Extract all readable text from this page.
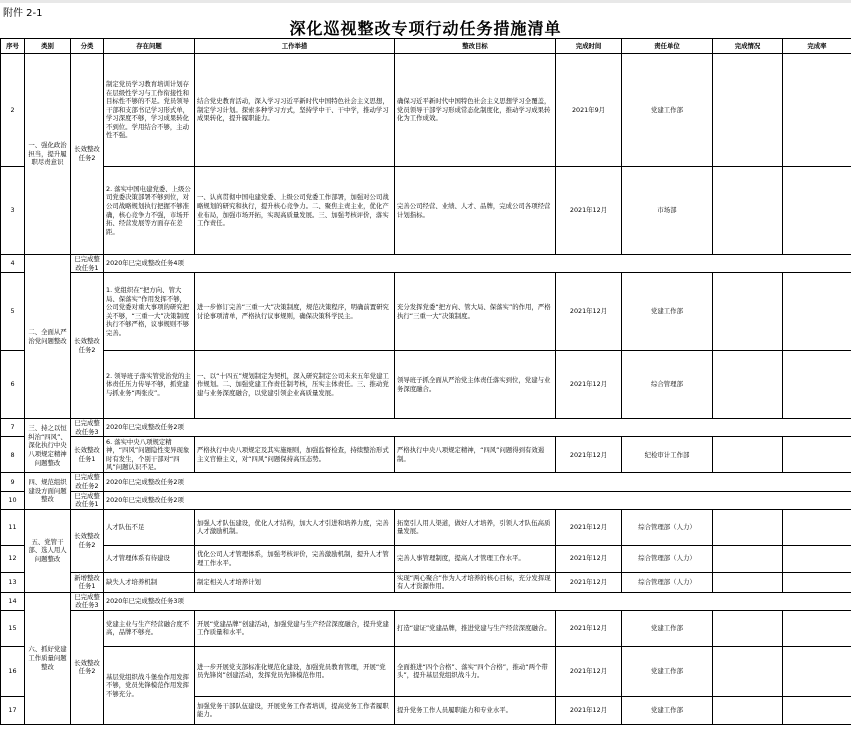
附件 2-1
深化巡视整改专项行动任务措施清单
序号	类别	分类	存在问题	工作举措	整改目标	完成时间	责任单位	完成情况	完成率
2	一、强化政治担当，提升履职尽责意识	长效整改任务2	制定党员学习教育培训计划存在层级性学习与工作衔接性和目标性不够的不足。党员领导干部和支部书记学习形式单，学习深度不够，学习成果转化不到位。学用结合不够，主动性不强。	结合党史教育活动，深入学习习近平新时代中国特色社会主义思想，制定学习计划。探索多种学习方式，坚持学中干、干中学，推动学习成果转化，提升履职能力。	确保习近平新时代中国特色社会主义思想学习全覆盖，党员领导干部学习形成常态化制度化，推动学习成果转化为工作成效。	2021年9月	党建工作部		
3			2. 落实中国电建党委、上级公司党委决策部署不够到位，对公司战略规划执行把握不够准确，核心竞争力不强，市场开拓、经营发展等方面存在差距。	一、认真贯彻中国电建党委、上级公司党委工作部署，加强对公司战略规划的研究和执行，提升核心竞争力。二、聚焦主责主业，优化产业布局，加强市场开拓，实现高质量发展。三、加强考核评价，落实工作责任。	完善公司经营、业绩、人才、品牌，完成公司各项经营计划指标。	2021年12月	市场部		
4	二、全面从严治党问题整改	巳完成整改任务1	2020年巳完成整改任务4项						
5		长效整改任务2	1. 党组织在“把方向、管大局、保落实”作用发挥不够，公司党委对重大事项的研究把关不够，“三重一大”决策制度执行不够严格，议事规则不够完善。	进一步修订完善“三重一大”决策制度，规范决策程序，明确前置研究讨论事项清单，严格执行议事规则，确保决策科学民主。	充分发挥党委“把方向、管大局、保落实”的作用，严格执行“三重一大”决策制度。	2021年12月	党建工作部		
6			2. 领导班子落实管党治党的主体责任压力传导不够，抓党建与抓业务“两张皮”。	一、以“十四五”规划制定为契机，深入研究制定公司未来五年党建工作规划。二、加强党建工作责任制考核，压实主体责任。三、推动党建与业务深度融合，以党建引领企业高质量发展。	领导班子抓全面从严治党主体责任落实到位，党建与业务深度融合。	2021年12月	综合管理部		
7	三、持之以恒纠治“四风”、深化执行中央八项规定精神问题整改	巳完成整改任务3	2020年巳完成整改任务2项						
8		长效整改任务1	6. 落实中央八项规定精神，“四风”问题隐性变异现象时有发生，个别干部对“四风”问题认识不足。	严格执行中央八项规定及其实施细则，加强监督检查，持续整治形式主义官僚主义，对“四风”问题保持高压态势。	严格执行中央八项规定精神，“四风”问题得到有效遏制。	2021年12月	纪检审计工作部		
9	四、规范组织建设方面问题整改	巳完成整改任务2	2020年巳完成整改任务2项						
10		巳完成整改任务1	2020年巳完成整改任务2项						
11	五、党管干部、选人用人问题整改	长效整改任务2	人才队伍不足	加强人才队伍建设，优化人才结构，加大人才引进和培养力度，完善人才激励机制。	拓宽引人用人渠道，做好人才培养，引领人才队伍高质量发展。	2021年12月	综合管理部（人力）		
12			人才管理体系有待建设	优化公司人才管理体系，加强考核评价，完善激励机制，提升人才管理工作水平。	完善人事管理制度，提高人才管理工作水平。	2021年12月	综合管理部（人力）		
13		新增整改任务1	缺失人才培养机制	制定相关人才培养计划	实现“两心聚合”作为人才培养的核心目标，充分发挥现有人才资源作用。	2021年12月	综合管理部（人力）		
14	六、抓好党建工作质量问题整改	巳完成整改任务3	2020年巳完成整改任务3项						
15		长效整改任务2	党建主业与生产经营融合度不高，品牌不够亮。	开展“党建品牌”创建活动，加强党建与生产经营深度融合，提升党建工作质量和水平。	打造“建证”党建品牌，推进党建与生产经营深度融合。	2021年12月	党建工作部		
16			基层党组织战斗堡垒作用发挥不够，党员先锋模范作用发挥不够充分。	进一步开展党支部标准化规范化建设，加强党员教育管理，开展“党员先锋岗”创建活动，发挥党员先锋模范作用。	全面推进“四个合格”、落实“四个合格”，推动“两个带头”，提升基层党组织战斗力。	2021年12月	党建工作部		
17				加强党务干部队伍建设，开展党务工作者培训，提高党务工作者履职能力。	提升党务工作人员履职能力和专业水平。	2021年12月	党建工作部		
